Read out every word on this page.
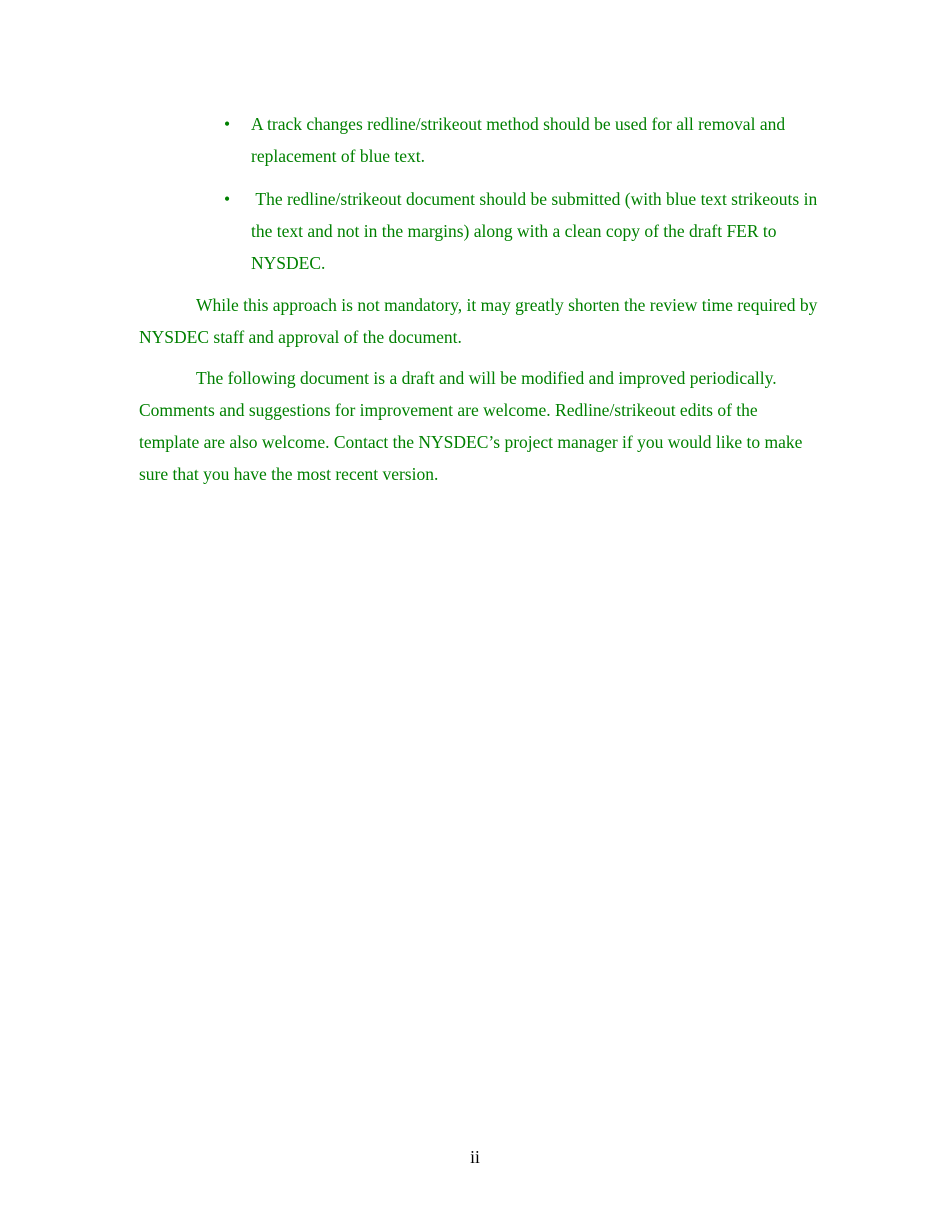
•	A track changes redline/strikeout method should be used for all removal and replacement of blue text.
•	The redline/strikeout document should be submitted (with blue text strikeouts in the text and not in the margins) along with a clean copy of the draft FER to NYSDEC.

While this approach is not mandatory, it may greatly shorten the review time required by NYSDEC staff and approval of the document.

The following document is a draft and will be modified and improved periodically. Comments and suggestions for improvement are welcome. Redline/strikeout edits of the template are also welcome. Contact the NYSDEC’s project manager if you would like to make sure that you have the most recent version.

ii
